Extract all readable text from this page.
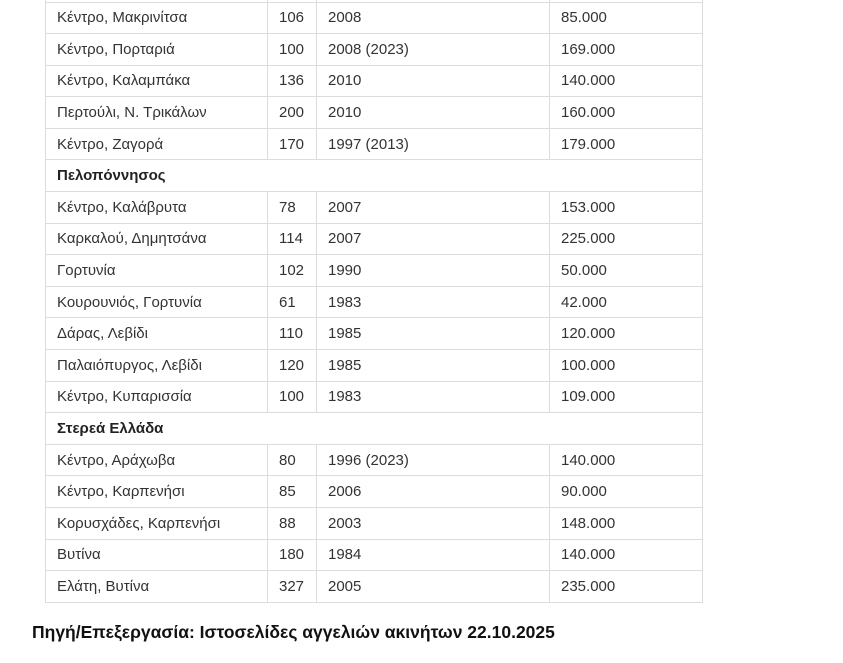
Κέντρο, Μακρινίτσα	106	2008	85.000
Κέντρο, Πορταριά	100	2008 (2023)	169.000
Κέντρο, Καλαμπάκα	136	2010	140.000
Περτούλι, Ν. Τρικάλων	200	2010	160.000
Κέντρο, Ζαγορά	170	1997 (2013)	179.000
Πελοπόννησος			
Κέντρο, Καλάβρυτα	78	2007	153.000
Καρκαλού, Δημητσάνα	114	2007	225.000
Γορτυνία	102	1990	50.000
Κουρουνιός, Γορτυνία	61	1983	42.000
Δάρας, Λεβίδι	110	1985	120.000
Παλαιόπυργος, Λεβίδι	120	1985	100.000
Κέντρο, Κυπαρισσία	100	1983	109.000
Στερεά Ελλάδα			
Κέντρο, Αράχωβα	80	1996 (2023)	140.000
Κέντρο, Καρπενήσι	85	2006	90.000
Κορυσχάδες, Καρπενήσι	88	2003	148.000
Βυτίνα	180	1984	140.000
Ελάτη, Βυτίνα	327	2005	235.000

Πηγή/Επεξεργασία: Ιστοσελίδες αγγελιών ακινήτων 22.10.2025
